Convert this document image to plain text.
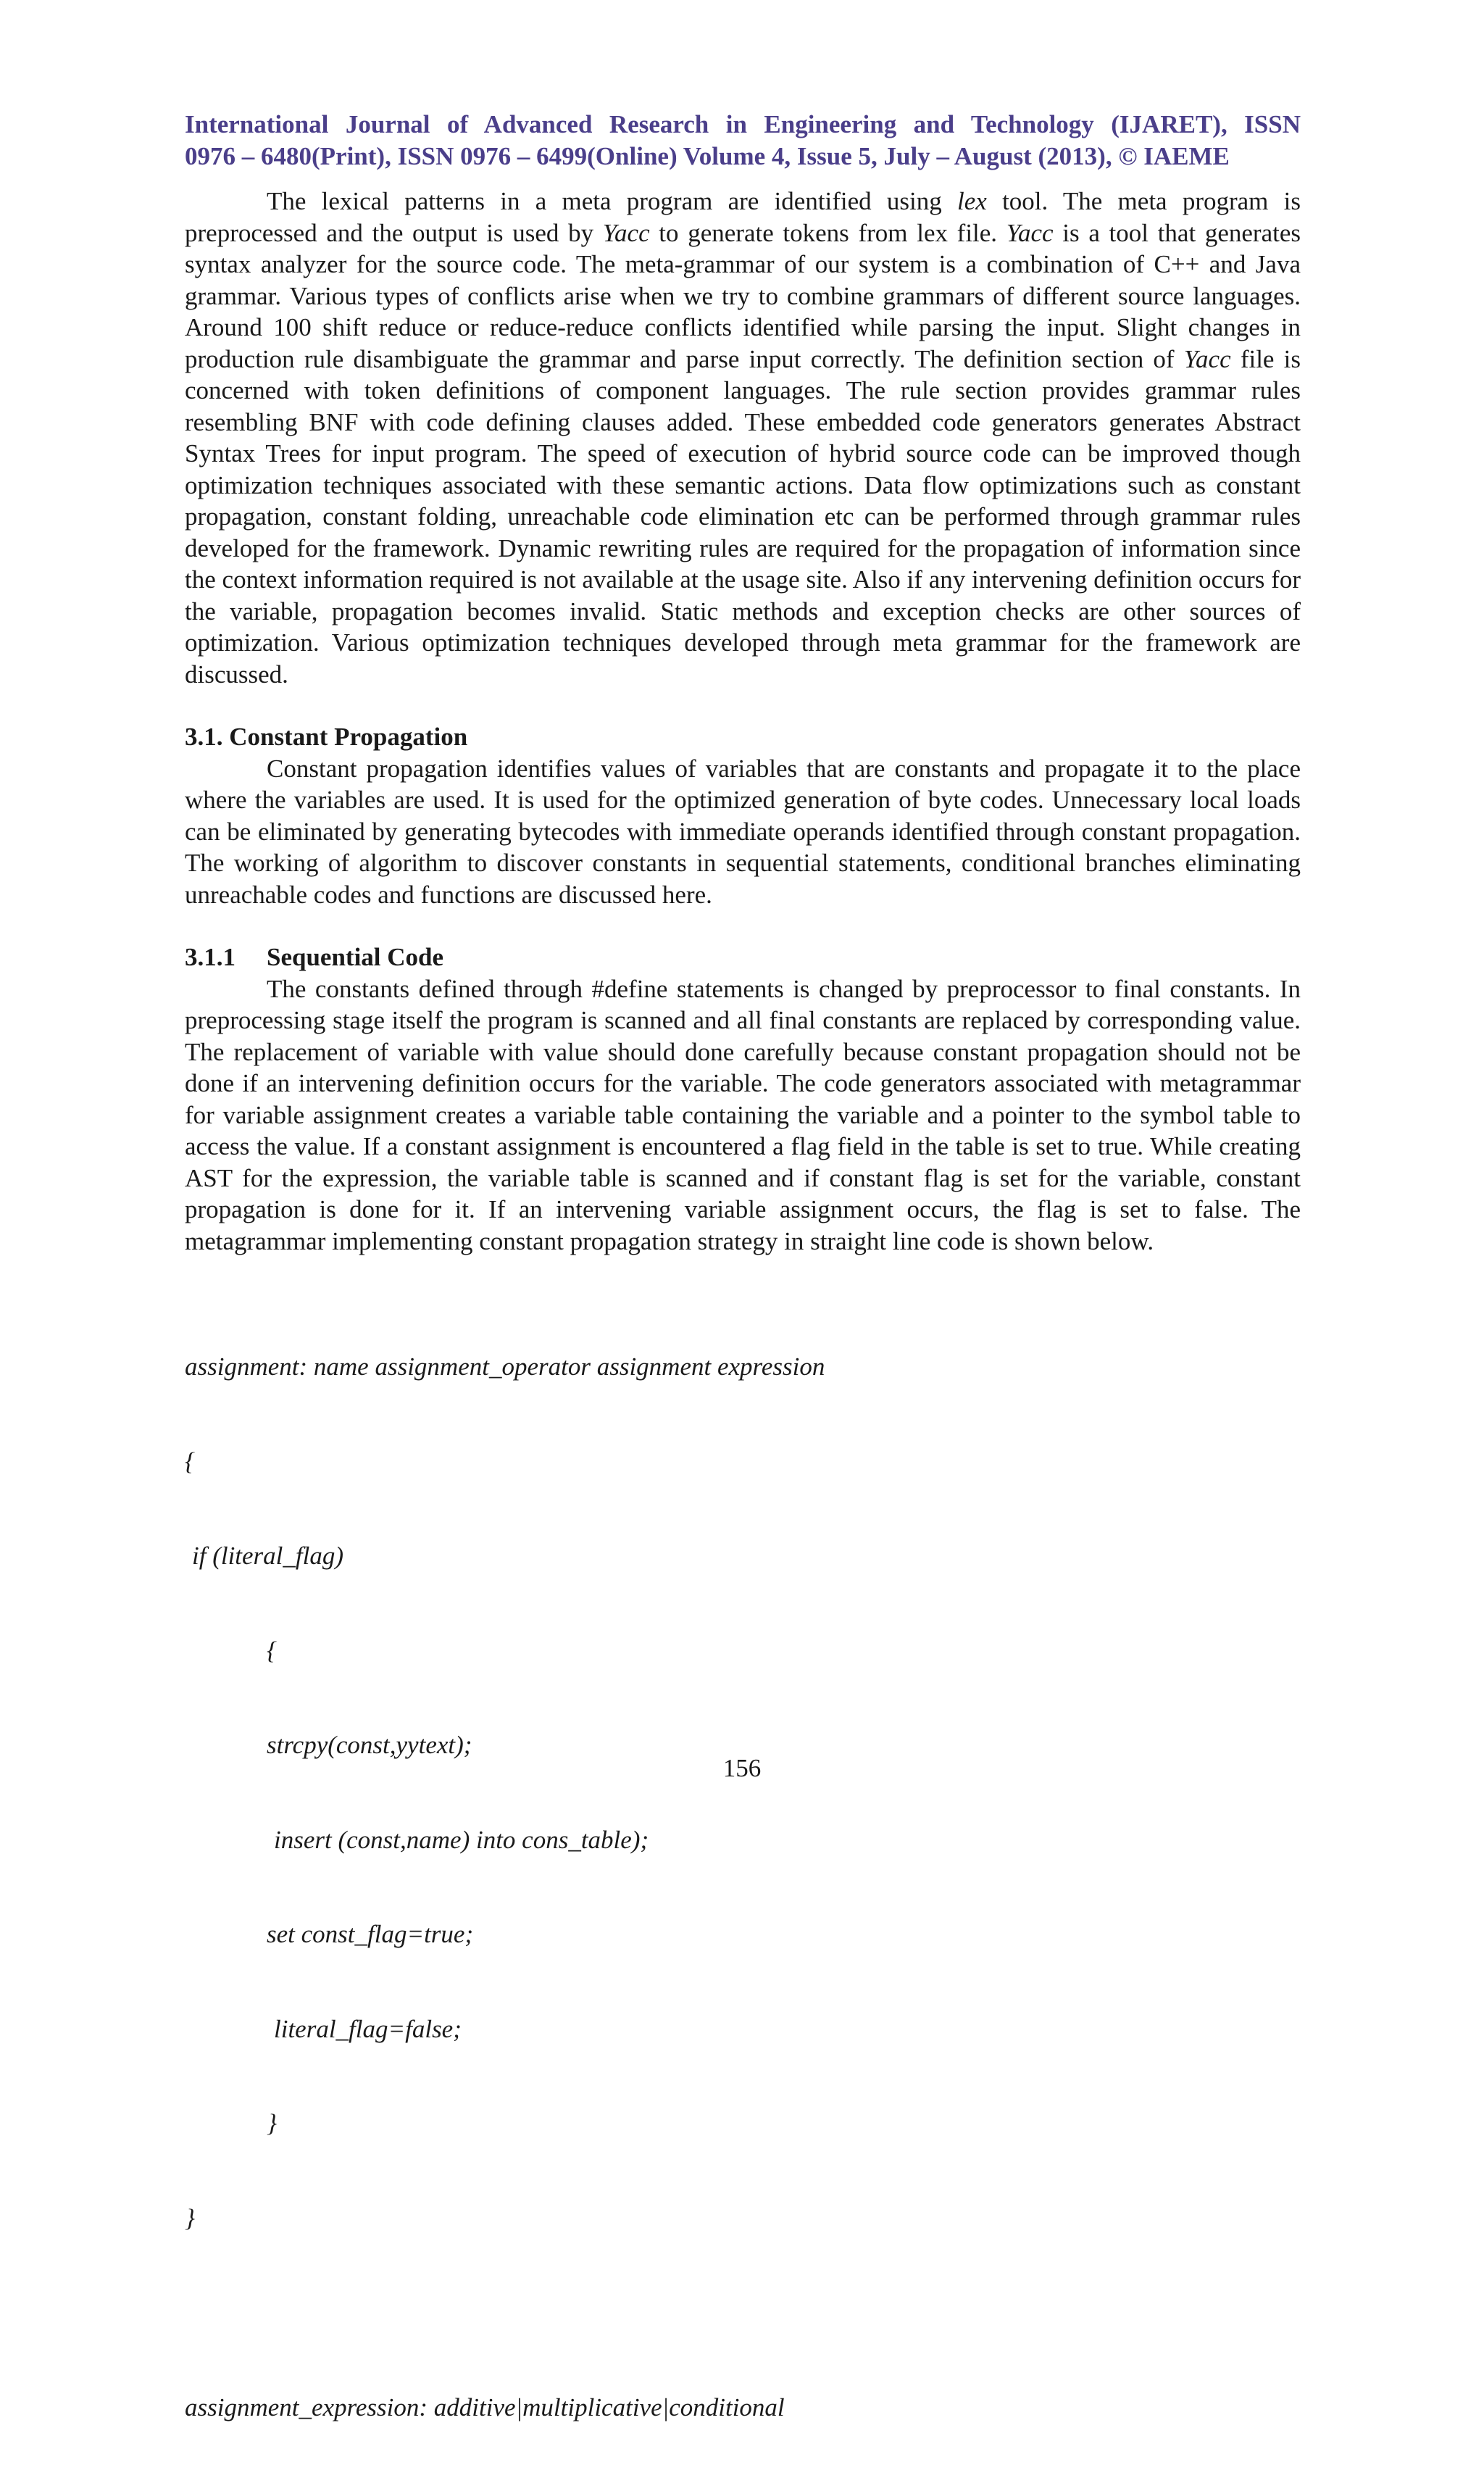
International Journal of Advanced Research in Engineering and Technology (IJARET), ISSN
0976 – 6480(Print), ISSN 0976 – 6499(Online) Volume 4, Issue 5, July – August (2013), © IAEME

The lexical patterns in a meta program are identified using lex tool. The meta program is preprocessed and the output is used by Yacc to generate tokens from lex file. Yacc is a tool that generates syntax analyzer for the source code. The meta-grammar of our system is a combination of C++ and Java grammar. Various types of conflicts arise when we try to combine grammars of different source languages. Around 100 shift reduce or reduce-reduce conflicts identified while parsing the input. Slight changes in production rule disambiguate the grammar and parse input correctly. The definition section of Yacc file is concerned with token definitions of component languages. The rule section provides grammar rules resembling BNF with code defining clauses added. These embedded code generators generates Abstract Syntax Trees for input program. The speed of execution of hybrid source code can be improved though optimization techniques associated with these semantic actions. Data flow optimizations such as constant propagation, constant folding, unreachable code elimination etc can be performed through grammar rules developed for the framework. Dynamic rewriting rules are required for the propagation of information since the context information required is not available at the usage site. Also if any intervening definition occurs for the variable, propagation becomes invalid. Static methods and exception checks are other sources of optimization. Various optimization techniques developed through meta grammar for the framework are discussed.

3.1. Constant Propagation

Constant propagation identifies values of variables that are constants and propagate it to the place where the variables are used. It is used for the optimized generation of byte codes. Unnecessary local loads can be eliminated by generating bytecodes with immediate operands identified through constant propagation. The working of algorithm to discover constants in sequential statements, conditional branches eliminating unreachable codes and functions are discussed here.

3.1.1 Sequential Code

The constants defined through #define statements is changed by preprocessor to final constants. In preprocessing stage itself the program is scanned and all final constants are replaced by corresponding value. The replacement of variable with value should done carefully because constant propagation should not be done if an intervening definition occurs for the variable. The code generators associated with metagrammar for variable assignment creates a variable table containing the variable and a pointer to the symbol table to access the value. If a constant assignment is encountered a flag field in the table is set to true. While creating AST for the expression, the variable table is scanned and if constant flag is set for the variable, constant propagation is done for it. If an intervening variable assignment occurs, the flag is set to false. The metagrammar implementing constant propagation strategy in straight line code is shown below.

assignment: name assignment_operator assignment expression

{

if (literal_flag)

{

strcpy(const,yytext);

insert (const,name) into cons_table);

set const_flag=true;

literal_flag=false;

}

}

assignment_expression: additive|multiplicative|conditional

156
